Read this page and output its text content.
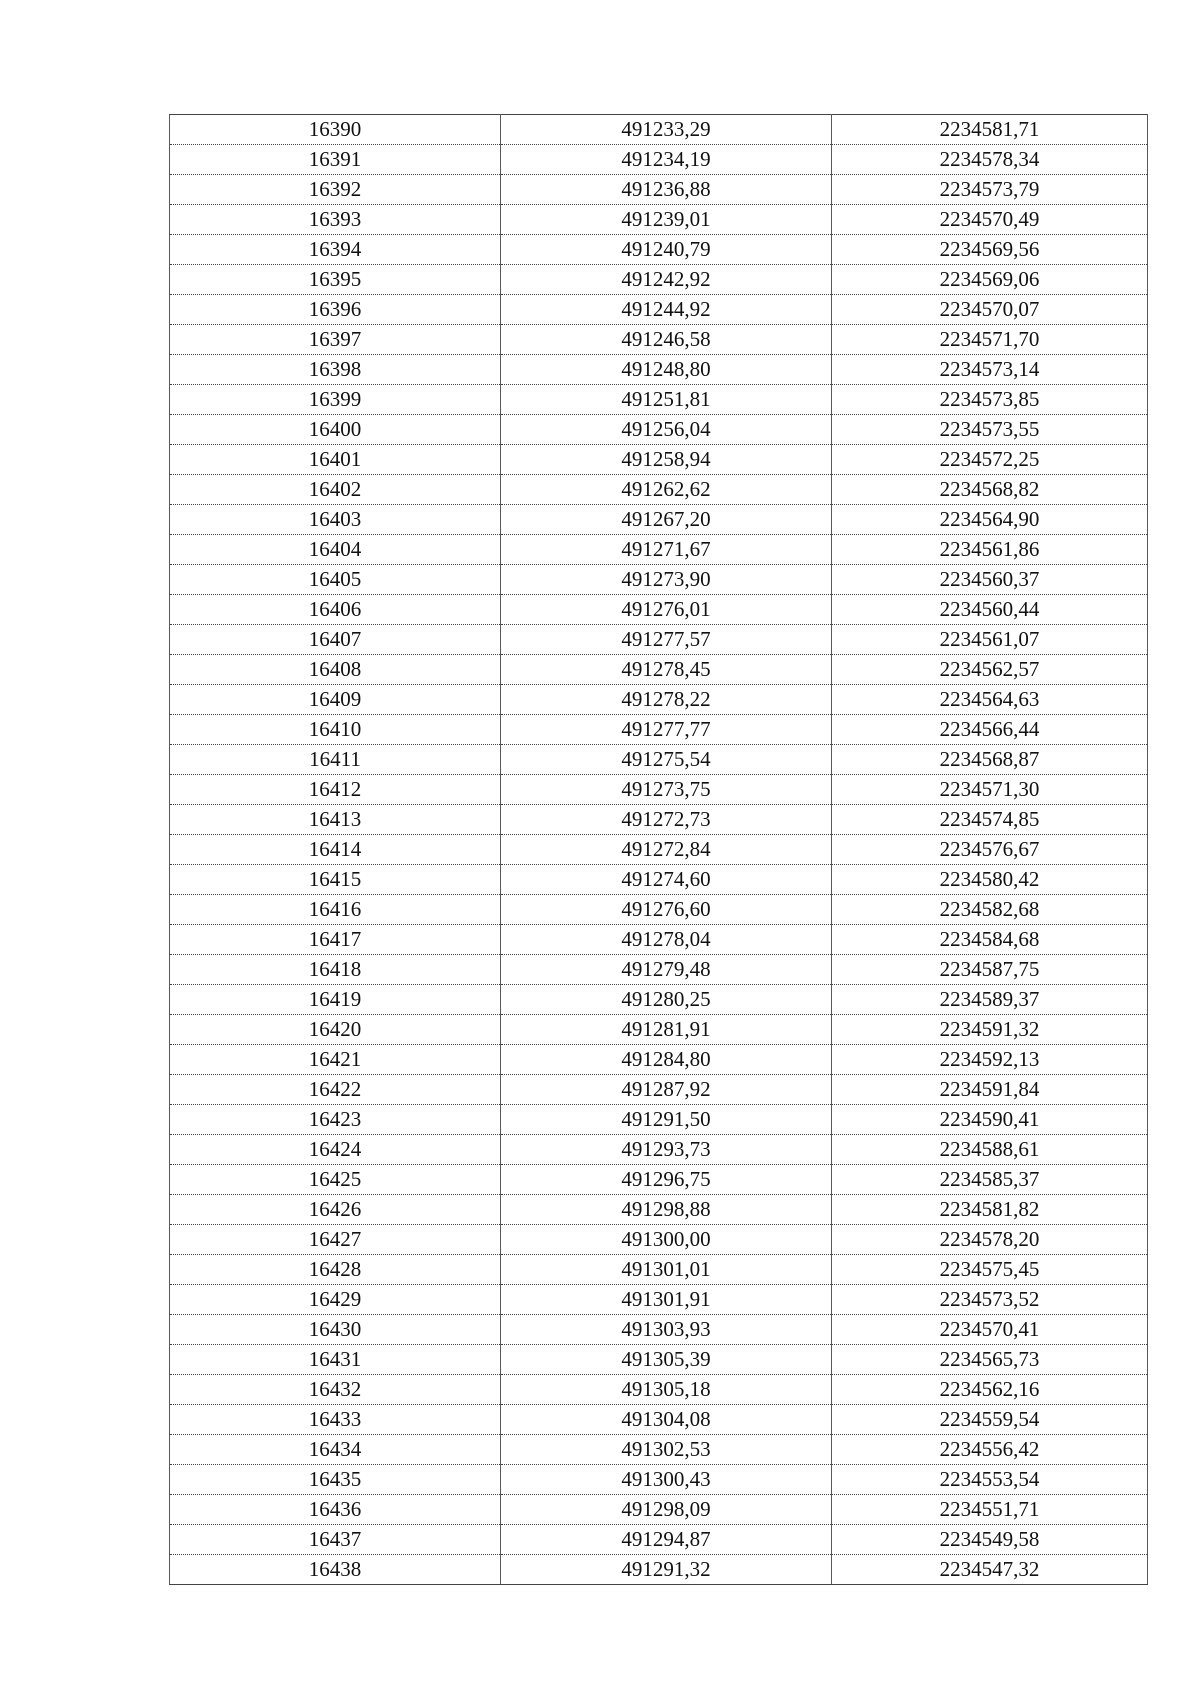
16390	491233,29	2234581,71
16391	491234,19	2234578,34
16392	491236,88	2234573,79
16393	491239,01	2234570,49
16394	491240,79	2234569,56
16395	491242,92	2234569,06
16396	491244,92	2234570,07
16397	491246,58	2234571,70
16398	491248,80	2234573,14
16399	491251,81	2234573,85
16400	491256,04	2234573,55
16401	491258,94	2234572,25
16402	491262,62	2234568,82
16403	491267,20	2234564,90
16404	491271,67	2234561,86
16405	491273,90	2234560,37
16406	491276,01	2234560,44
16407	491277,57	2234561,07
16408	491278,45	2234562,57
16409	491278,22	2234564,63
16410	491277,77	2234566,44
16411	491275,54	2234568,87
16412	491273,75	2234571,30
16413	491272,73	2234574,85
16414	491272,84	2234576,67
16415	491274,60	2234580,42
16416	491276,60	2234582,68
16417	491278,04	2234584,68
16418	491279,48	2234587,75
16419	491280,25	2234589,37
16420	491281,91	2234591,32
16421	491284,80	2234592,13
16422	491287,92	2234591,84
16423	491291,50	2234590,41
16424	491293,73	2234588,61
16425	491296,75	2234585,37
16426	491298,88	2234581,82
16427	491300,00	2234578,20
16428	491301,01	2234575,45
16429	491301,91	2234573,52
16430	491303,93	2234570,41
16431	491305,39	2234565,73
16432	491305,18	2234562,16
16433	491304,08	2234559,54
16434	491302,53	2234556,42
16435	491300,43	2234553,54
16436	491298,09	2234551,71
16437	491294,87	2234549,58
16438	491291,32	2234547,32
